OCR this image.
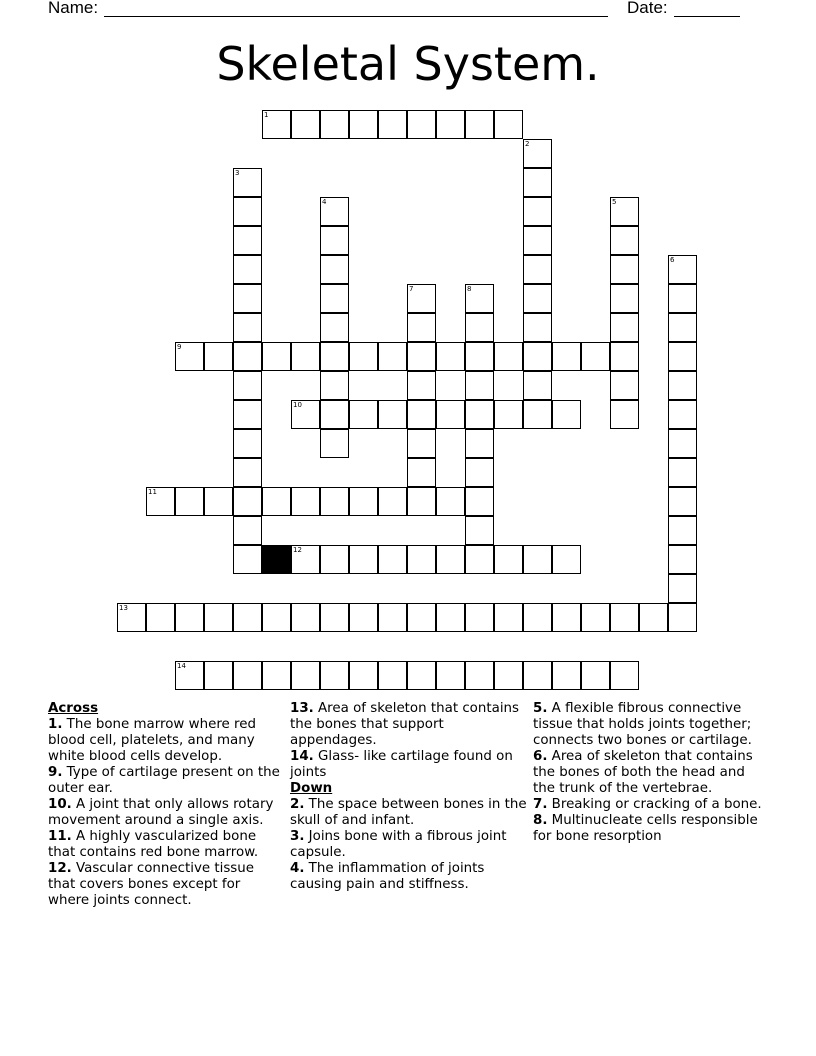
Name:	Date:
Skeletal System.
1
2
3
4	5
6
7	8
9
10
11
12
13
14
Across
1. The bone marrow where red blood cell, platelets, and many white blood cells develop.
9. Type of cartilage present on the outer ear.
10. A joint that only allows rotary movement around a single axis.
11. A highly vascularized bone that contains red bone marrow.
12. Vascular connective tissue that covers bones except for where joints connect.
13. Area of skeleton that contains the bones that support appendages.
14. Glass- like cartilage found on joints
Down
2. The space between bones in the skull of and infant.
3. Joins bone with a fibrous joint capsule.
4. The inflammation of joints causing pain and stiffness.
5. A flexible fibrous connective tissue that holds joints together; connects two bones or cartilage.
6. Area of skeleton that contains the bones of both the head and the trunk of the vertebrae.
7. Breaking or cracking of a bone.
8. Multinucleate cells responsible for bone resorption
